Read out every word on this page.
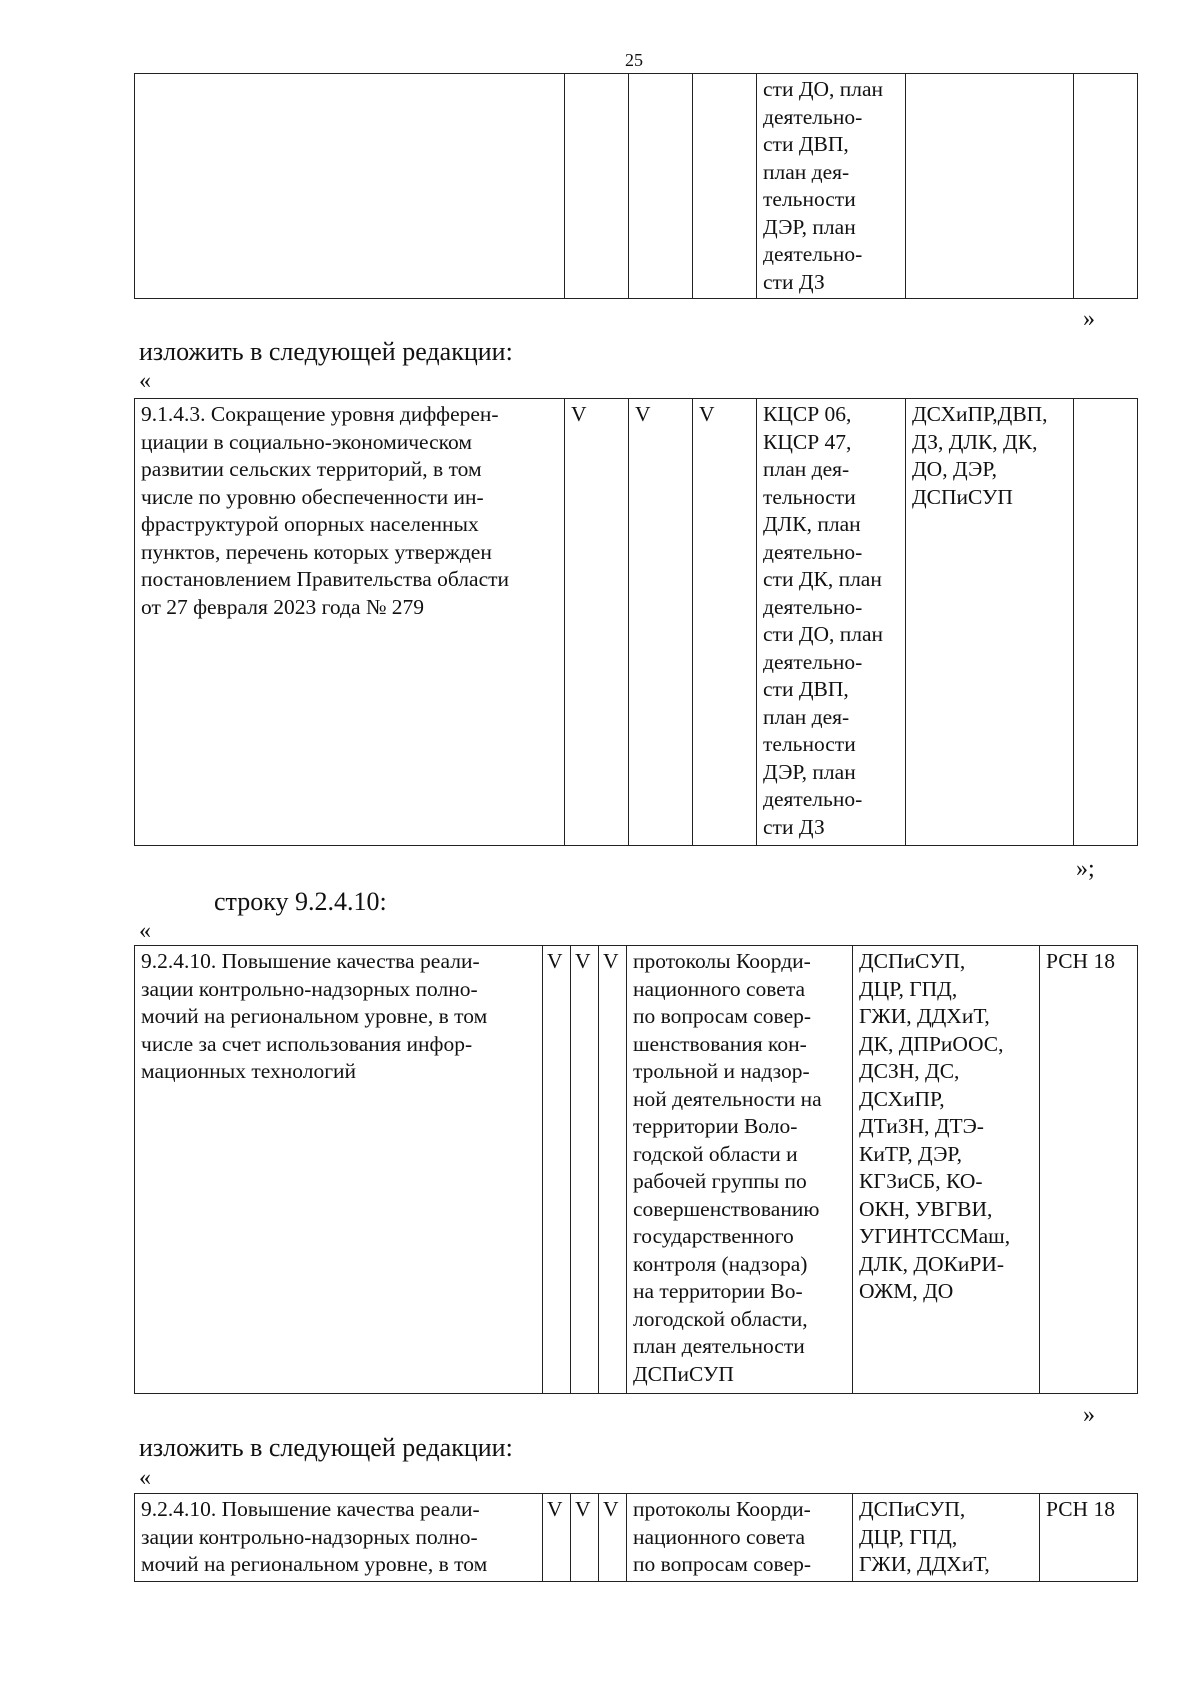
25
				сти ДО, план
деятельно-
сти ДВП,
план дея-
тельности
ДЭР, план
деятельно-
сти ДЗ		
»
изложить в следующей редакции:
«
9.1.4.3. Сокращение уровня дифферен-
циации в социально-экономическом
развитии сельских территорий, в том
числе по уровню обеспеченности ин-
фраструктурой опорных населенных
пунктов, перечень которых утвержден
постановлением Правительства области
от 27 февраля 2023 года № 279	V	V	V	КЦСР 06,
КЦСР 47,
план дея-
тельности
ДЛК, план
деятельно-
сти ДК, план
деятельно-
сти ДО, план
деятельно-
сти ДВП,
план дея-
тельности
ДЭР, план
деятельно-
сти ДЗ	ДСХиПР,ДВП,
ДЗ, ДЛК, ДК,
ДО, ДЭР,
ДСПиСУП	
»;
строку 9.2.4.10:
«
9.2.4.10. Повышение качества реали-
зации контрольно-надзорных полно-
мочий на региональном уровне, в том
числе за счет использования инфор-
мационных технологий	V	V	V	протоколы Коорди-
национного совета
по вопросам совер-
шенствования кон-
трольной и надзор-
ной деятельности на
территории Воло-
годской области и
рабочей группы по
совершенствованию
государственного
контроля (надзора)
на территории Во-
логодской области,
план деятельности
ДСПиСУП	ДСПиСУП,
ДЦР, ГПД,
ГЖИ, ДДХиТ,
ДК, ДПРиООС,
ДСЗН, ДС,
ДСХиПР,
ДТиЗН, ДТЭ-
КиТР, ДЭР,
КГЗиСБ, КО-
ОКН, УВГВИ,
УГИНТССМаш,
ДЛК, ДОКиРИ-
ОЖМ, ДО	РСН 18
»
изложить в следующей редакции:
«
9.2.4.10. Повышение качества реали-
зации контрольно-надзорных полно-
мочий на региональном уровне, в том	V	V	V	протоколы Коорди-
национного совета
по вопросам совер-	ДСПиСУП,
ДЦР, ГПД,
ГЖИ, ДДХиТ,	РСН 18
